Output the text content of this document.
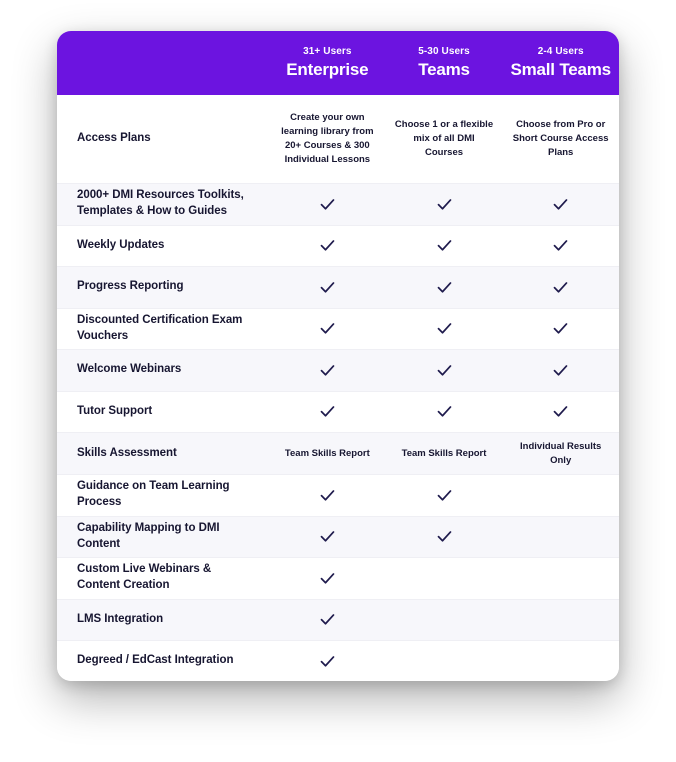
31+ Users
Enterprise
5-30 Users
Teams
2-4 Users
Small Teams
Access Plans
Create your own learning library from 20+ Courses & 300 Individual Lessons
Choose 1 or a flexible mix of all DMI Courses
Choose from Pro or Short Course Access Plans
2000+ DMI Resources Toolkits, Templates & How to Guides
Weekly Updates
Progress Reporting
Discounted Certification Exam Vouchers
Welcome Webinars
Tutor Support
Skills Assessment	Team Skills Report	Team Skills Report
Individual Results Only
Guidance on Team Learning Process
Capability Mapping to DMI Content
Custom Live Webinars & Content Creation
LMS Integration
Degreed / EdCast Integration
